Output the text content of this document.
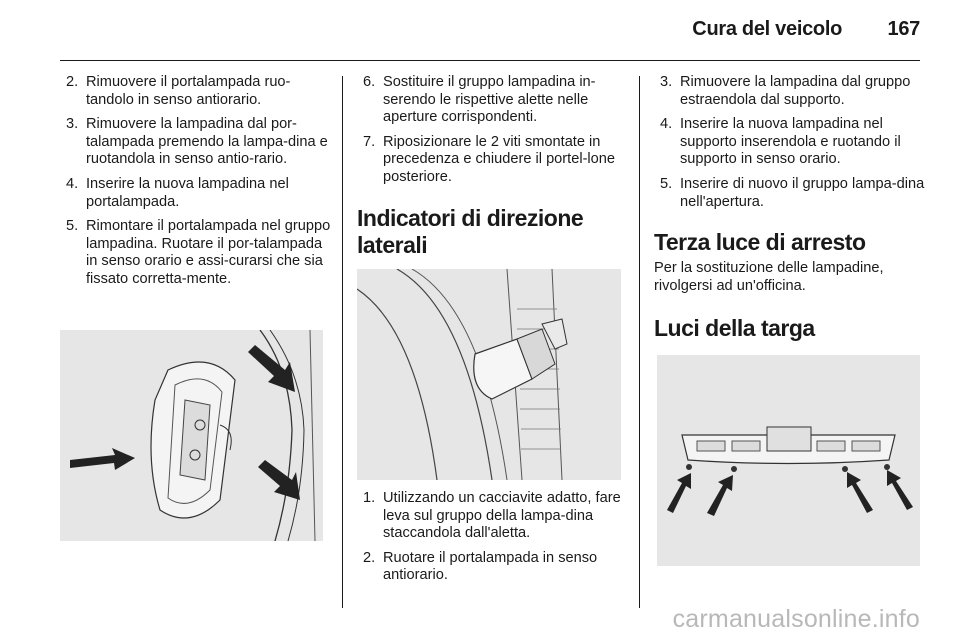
Cura del veicolo 167
2. Rimuovere il portalampada ruo-tandolo in senso antiorario.
3. Rimuovere la lampadina dal por-talampada premendo la lampa-dina e ruotandola in senso antio-rario.
4. Inserire la nuova lampadina nel portalampada.
5. Rimontare il portalampada nel gruppo lampadina. Ruotare il por-talampada in senso orario e assi-curarsi che sia fissato corretta-mente.
6. Sostituire il gruppo lampadina in-serendo le rispettive alette nelle aperture corrispondenti.
7. Riposizionare le 2 viti smontate in precedenza e chiudere il portel-lone posteriore.
Indicatori di direzione laterali
1. Utilizzando un cacciavite adatto, fare leva sul gruppo della lampa-dina staccandola dall'aletta.
2. Ruotare il portalampada in senso antiorario.
3. Rimuovere la lampadina dal gruppo estraendola dal supporto.
4. Inserire la nuova lampadina nel supporto inserendola e ruotando il supporto in senso orario.
5. Inserire di nuovo il gruppo lampa-dina nell'apertura.
Terza luce di arresto

Per la sostituzione delle lampadine, rivolgersi ad un'officina.

Luci della targa
carmanualsonline.info
